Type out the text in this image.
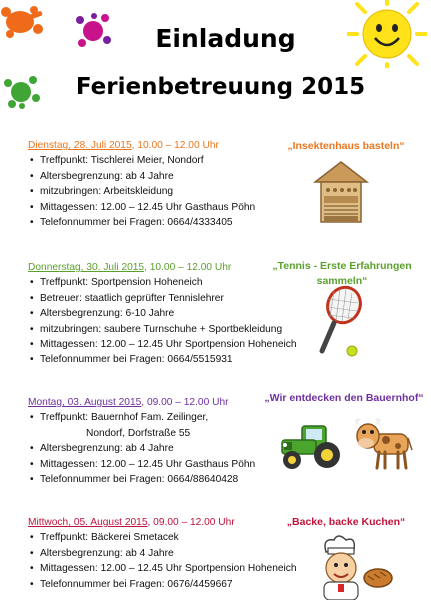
Einladung
Ferienbetreuung 2015
Dienstag, 28. Juli 2015, 10.00 – 12.00 Uhr
• Treffpunkt: Tischlerei Meier, Nondorf
• Altersbegrenzung: ab 4 Jahre
• mitzubringen: Arbeitskleidung
• Mittagessen: 12.00 – 12.45 Uhr Gasthaus Pöhn
• Telefonnummer bei Fragen: 0664/4333405
„Insektenhaus basteln“
Donnerstag, 30. Juli 2015, 10.00 – 12.00 Uhr
• Treffpunkt: Sportpension Hoheneich
• Betreuer: staatlich geprüfter Tennislehrer
• Altersbegrenzung: 6-10 Jahre
• mitzubringen: saubere Turnschuhe + Sportbekleidung
• Mittagessen: 12.00 – 12.45 Uhr Sportpension Hoheneich
• Telefonnummer bei Fragen: 0664/5515931
„Tennis - Erste Erfahrungen
sammeln“
Montag, 03. August 2015, 09.00 – 12.00 Uhr
• Treffpunkt: Bauernhof Fam. Zeilinger,
Nondorf, Dorfstraße 55
• Altersbegrenzung: ab 4 Jahre
• Mittagessen: 12.00 – 12.45 Uhr Gasthaus Pöhn
• Telefonnummer bei Fragen: 0664/88640428
„Wir entdecken den Bauernhof“
Mittwoch, 05. August 2015, 09.00 – 12.00 Uhr
• Treffpunkt: Bäckerei Smetacek
• Altersbegrenzung: ab 4 Jahre
• Mittagessen: 12.00 – 12.45 Uhr Sportpension Hoheneich
• Telefonnummer bei Fragen: 0676/4459667
„Backe, backe Kuchen“
